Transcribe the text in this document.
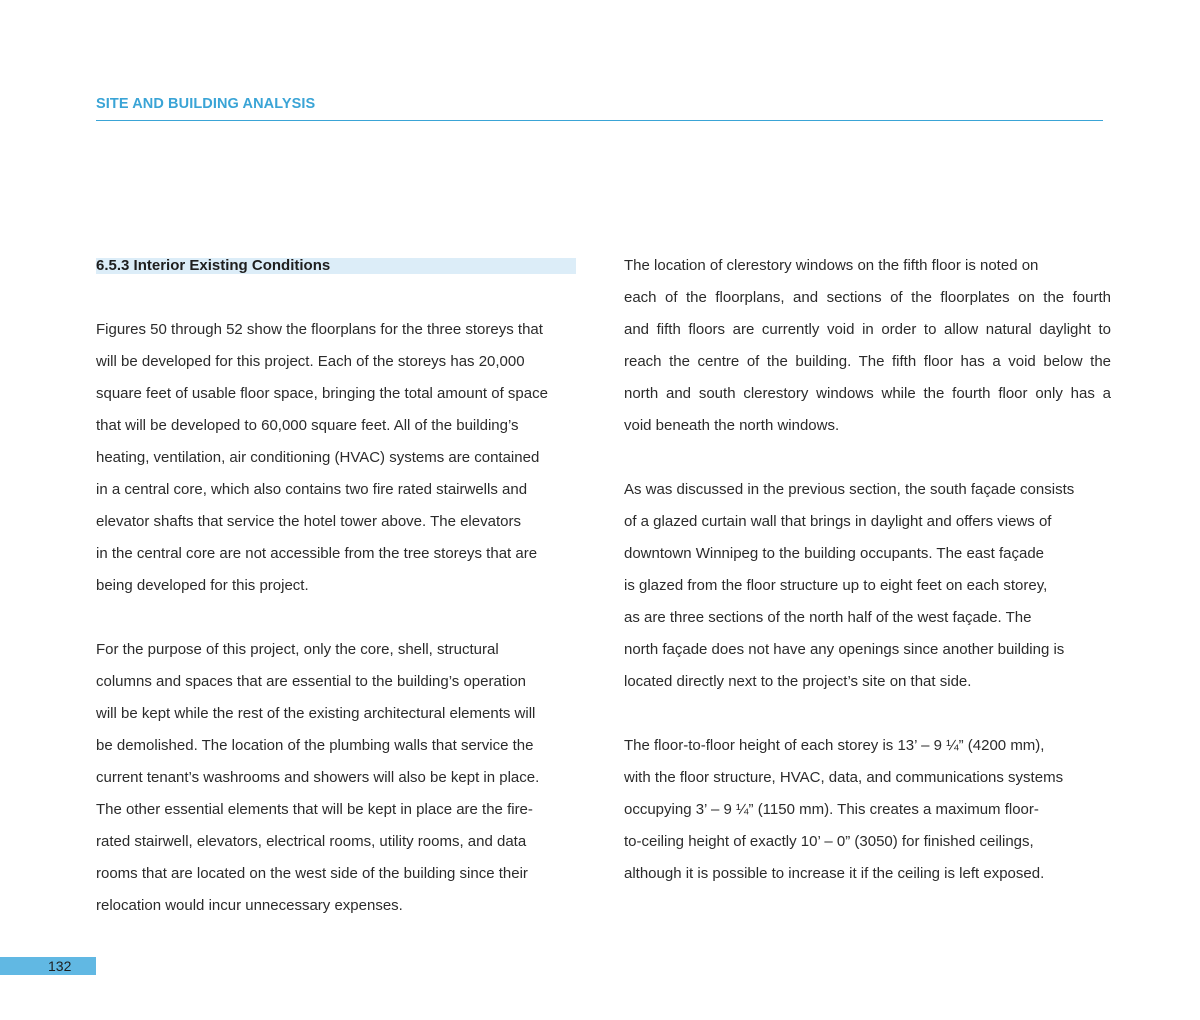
SITE AND BUILDING ANALYSIS
6.5.3 Interior Existing Conditions
Figures 50 through 52 show the floorplans for the three storeys that
will be developed for this project. Each of the storeys has 20,000
square feet of usable floor space, bringing the total amount of space
that will be developed to 60,000 square feet. All of the building’s
heating, ventilation, air conditioning (HVAC) systems are contained
in a central core, which also contains two fire rated stairwells and
elevator shafts that service the hotel tower above. The elevators
in the central core are not accessible from the tree storeys that are
being developed for this project.
For the purpose of this project, only the core, shell, structural
columns and spaces that are essential to the building’s operation
will be kept while the rest of the existing architectural elements will
be demolished. The location of the plumbing walls that service the
current tenant’s washrooms and showers will also be kept in place.
The other essential elements that will be kept in place are the fire-
rated stairwell, elevators, electrical rooms, utility rooms, and data
rooms that are located on the west side of the building since their
relocation would incur unnecessary expenses.
The location of clerestory windows on the fifth floor is noted on
each of the floorplans, and sections of the floorplates on the fourth
and fifth floors are currently void in order to allow natural daylight to
reach the centre of the building. The fifth floor has a void below the
north and south clerestory windows while the fourth floor only has a
void beneath the north windows.
As was discussed in the previous section, the south façade consists
of a glazed curtain wall that brings in daylight and offers views of
downtown Winnipeg to the building occupants. The east façade
is glazed from the floor structure up to eight feet on each storey,
as are three sections of the north half of the west façade. The
north façade does not have any openings since another building is
located directly next to the project’s site on that side.
The floor-to-floor height of each storey is 13’ – 9 ¼” (4200 mm),
with the floor structure, HVAC, data, and communications systems
occupying 3’ – 9 ¼” (1150 mm). This creates a maximum floor-
to-ceiling height of exactly 10’ – 0” (3050) for finished ceilings,
although it is possible to increase it if the ceiling is left exposed.
132
